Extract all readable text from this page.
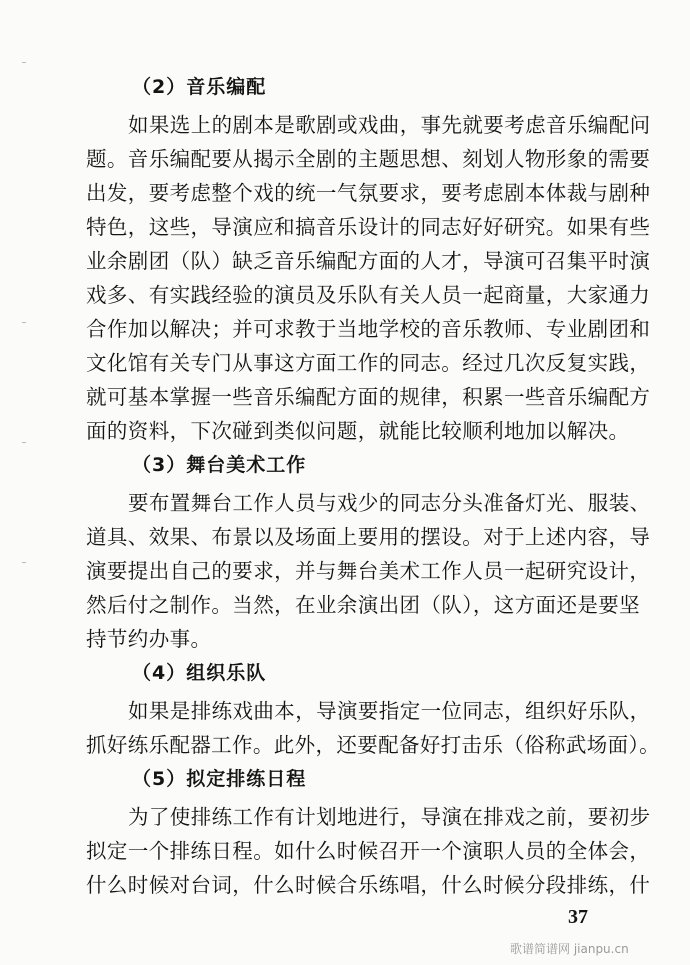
（2）音乐编配
如果选上的剧本是歌剧或戏曲，事先就要考虑音乐编配问
题。音乐编配要从揭示全剧的主题思想、刻划人物形象的需要
出发，要考虑整个戏的统一气氛要求，要考虑剧本体裁与剧种
特色，这些，导演应和搞音乐设计的同志好好研究。如果有些
业余剧团（队）缺乏音乐编配方面的人才，导演可召集平时演
戏多、有实践经验的演员及乐队有关人员一起商量，大家通力
合作加以解决；并可求教于当地学校的音乐教师、专业剧团和
文化馆有关专门从事这方面工作的同志。经过几次反复实践，
就可基本掌握一些音乐编配方面的规律，积累一些音乐编配方
面的资料，下次碰到类似问题，就能比较顺利地加以解决。
（3）舞台美术工作
要布置舞台工作人员与戏少的同志分头准备灯光、服装、
道具、效果、布景以及场面上要用的摆设。对于上述内容，导
演要提出自己的要求，并与舞台美术工作人员一起研究设计，
然后付之制作。当然，在业余演出团（队），这方面还是要坚
持节约办事。
（4）组织乐队
如果是排练戏曲本，导演要指定一位同志，组织好乐队，
抓好练乐配器工作。此外，还要配备好打击乐（俗称武场面）。
（5）拟定排练日程
为了使排练工作有计划地进行，导演在排戏之前，要初步
拟定一个排练日程。如什么时候召开一个演职人员的全体会，
什么时候对台词，什么时候合乐练唱，什么时候分段排练，什
37
歌谱简谱网 jianpu.cn
